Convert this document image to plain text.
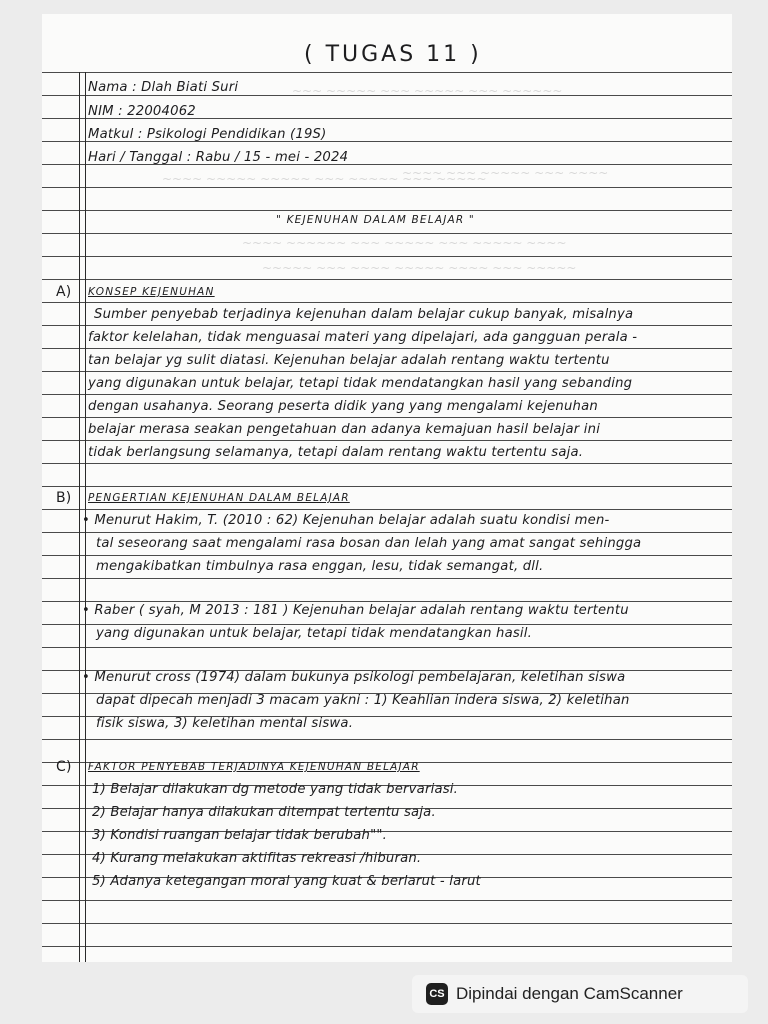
~~~ ~~~~~ ~~~ ~~~~~ ~~~ ~~~~~~
~~~~ ~~~ ~~~~~ ~~~ ~~~~
~~~~ ~~~~~ ~~~~~ ~~~ ~~~~~ ~~~ ~~~~~
~~~~ ~~~~~~ ~~~ ~~~~~ ~~~ ~~~~~ ~~~~
~~~~~ ~~~ ~~~~ ~~~~~ ~~~~ ~~~ ~~~~~
( TUGAS 11 )
Nama : Dlah Biati Suri
NIM : 22004062
Matkul : Psikologi Pendidikan (19S)
Hari / Tanggal : Rabu / 15 - mei - 2024
" KEJENUHAN DALAM BELAJAR "
A) KONSEP KEJENUHAN
Sumber penyebab terjadinya kejenuhan dalam belajar cukup banyak, misalnya
faktor kelelahan, tidak menguasai materi yang dipelajari, ada gangguan perala -
tan belajar yg sulit diatasi. Kejenuhan belajar adalah rentang waktu tertentu
yang digunakan untuk belajar, tetapi tidak mendatangkan hasil yang sebanding
dengan usahanya. Seorang peserta didik yang yang mengalami kejenuhan
belajar merasa seakan pengetahuan dan adanya kemajuan hasil belajar ini
tidak berlangsung selamanya, tetapi dalam rentang waktu tertentu saja.
B) PENGERTIAN KEJENUHAN DALAM BELAJAR
• Menurut Hakim, T. (2010 : 62) Kejenuhan belajar adalah suatu kondisi men-
tal seseorang saat mengalami rasa bosan dan lelah yang amat sangat sehingga
mengakibatkan timbulnya rasa enggan, lesu, tidak semangat, dll.
• Raber ( syah, M 2013 : 181 ) Kejenuhan belajar adalah rentang waktu tertentu
yang digunakan untuk belajar, tetapi tidak mendatangkan hasil.
• Menurut cross (1974) dalam bukunya psikologi pembelajaran, keletihan siswa
dapat dipecah menjadi 3 macam yakni : 1) Keahlian indera siswa, 2) keletihan
fisik siswa, 3) keletihan mental siswa.
C) FAKTOR PENYEBAB TERJADINYA KEJENUHAN BELAJAR
1) Belajar dilakukan dg metode yang tidak bervariasi.
2) Belajar hanya dilakukan ditempat tertentu saja.
3) Kondisi ruangan belajar tidak berubah"".
4) Kurang melakukan aktifitas rekreasi /hiburan.
5) Adanya ketegangan moral yang kuat & berlarut - larut
CS Dipindai dengan CamScanner
